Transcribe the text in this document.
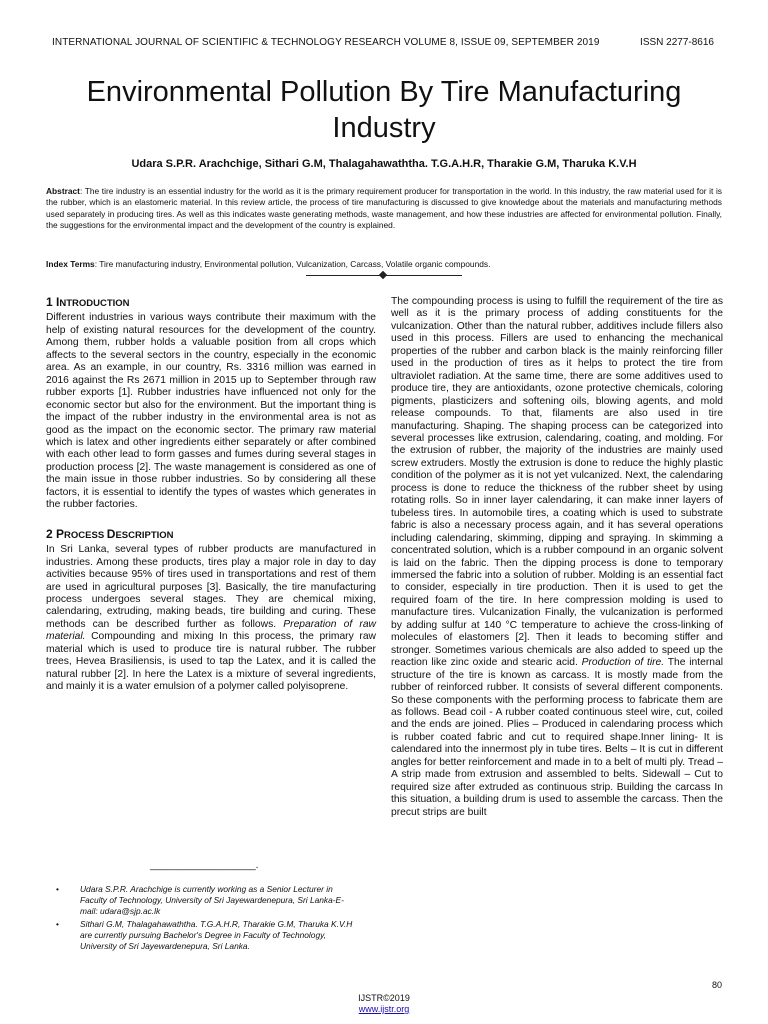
INTERNATIONAL JOURNAL OF SCIENTIFIC & TECHNOLOGY RESEARCH VOLUME 8, ISSUE 09, SEPTEMBER 2019	ISSN 2277-8616
Environmental Pollution By Tire Manufacturing Industry
Udara S.P.R. Arachchige, Sithari G.M, Thalagahawaththa. T.G.A.H.R, Tharakie G.M, Tharuka K.V.H
Abstract: The tire industry is an essential industry for the world as it is the primary requirement producer for transportation in the world. In this industry, the raw material used for it is the rubber, which is an elastomeric material. In this review article, the process of tire manufacturing is discussed to give knowledge about the materials and manufacturing methods used separately in producing tires. As well as this indicates waste generating methods, waste management, and how these industries are affected for environmental pollution. Finally, the suggestions for the environmental impact and the development of the country is explained.
Index Terms: Tire manufacturing industry, Environmental pollution, Vulcanization, Carcass, Volatile organic compounds.
1 INTRODUCTION

Different industries in various ways contribute their maximum with the help of existing natural resources for the development of the country. Among them, rubber holds a valuable position from all crops which affects to the several sectors in the country, especially in the economic area. As an example, in our country, Rs. 3316 million was earned in 2016 against the Rs 2671 million in 2015 up to September through raw rubber exports [1]. Rubber industries have influenced not only for the economic sector but also for the environment. But the important thing is the impact of the rubber industry in the environmental area is not as good as the impact on the economic sector. The primary raw material which is latex and other ingredients either separately or after combined with each other lead to form gasses and fumes during several stages in production process [2]. The waste management is considered as one of the main issue in those rubber industries. So by considering all these factors, it is essential to identify the types of wastes which generates in the rubber factories.

2 PROCESS DESCRIPTION

In Sri Lanka, several types of rubber products are manufactured in industries. Among these products, tires play a major role in day to day activities because 95% of tires used in transportations and rest of them are used in agricultural purposes [3]. Basically, the tire manufacturing process undergoes several stages. They are chemical mixing, calendaring, extruding, making beads, tire building and curing. These methods can be described further as follows. Preparation of raw material. Compounding and mixing In this process, the primary raw material which is used to produce tire is natural rubber. The rubber trees, Hevea Brasiliensis, is used to tap the Latex, and it is called the natural rubber [2]. In here the Latex is a mixture of several ingredients, and mainly it is a water emulsion of a polymer called polyisoprene.

The compounding process is using to fulfill the requirement of the tire as well as it is the primary process of adding constituents for the vulcanization. Other than the natural rubber, additives include fillers also used in this process. Fillers are used to enhancing the mechanical properties of the rubber and carbon black is the mainly reinforcing filler used in the production of tires as it helps to protect the tire from ultraviolet radiation. At the same time, there are some additives used to produce tire, they are antioxidants, ozone protective chemicals, coloring pigments, plasticizers and softening oils, blowing agents, and mold release compounds. To that, filaments are also used in tire manufacturing. Shaping. The shaping process can be categorized into several processes like extrusion, calendaring, coating, and molding. For the extrusion of rubber, the majority of the industries are mainly used screw extruders. Mostly the extrusion is done to reduce the highly plastic condition of the polymer as it is not yet vulcanized. Next, the calendaring process is done to reduce the thickness of the rubber sheet by using rotating rolls. So in inner layer calendaring, it can make inner layers of tubeless tires. In automobile tires, a coating which is used to substrate fabric is also a necessary process again, and it has several operations including calendaring, skimming, dipping and spraying. In skimming a concentrated solution, which is a rubber compound in an organic solvent is laid on the fabric. Then the dipping process is done to temporary immersed the fabric into a solution of rubber. Molding is an essential fact to consider, especially in tire production. Then it is used to get the required foam of the tire. In here compression molding is used to manufacture tires. Vulcanization Finally, the vulcanization is performed by adding sulfur at 140 °C temperature to achieve the cross-linking of molecules of elastomers [2]. Then it leads to becoming stiffer and stronger. Sometimes various chemicals are also added to speed up the reaction like zinc oxide and stearic acid. Production of tire. The internal structure of the tire is known as carcass. It is mostly made from the rubber of reinforced rubber. It consists of several different components. So these components with the performing process to fabricate them are as follows. Bead coil - A rubber coated continuous steel wire, cut, coiled and the ends are joined. Plies – Produced in calendaring process which is rubber coated fabric and cut to required shape.Inner lining- It is calendared into the innermost ply in tube tires. Belts – It is cut in different angles for better reinforcement and made in to a belt of multi ply. Tread – A strip made from extrusion and assembled to belts. Sidewall – Cut to required size after extruded as continuous strip. Building the carcass In this situation, a building drum is used to assemble the carcass. Then the precut strips are built

___________________.
•	Udara S.P.R. Arachchige is currently working as a Senior Lecturer in Faculty of Technology, University of Sri Jayewardenepura, Sri Lanka-E-mail: udara@sjp.ac.lk
•	Sithari G.M, Thalagahawaththa. T.G.A.H.R, Tharakie G.M, Tharuka K.V.H are currently pursuing Bachelor's Degree in Faculty of Technology, University of Sri Jayewardenepura, Sri Lanka.
80
IJSTR©2019
www.ijstr.org
